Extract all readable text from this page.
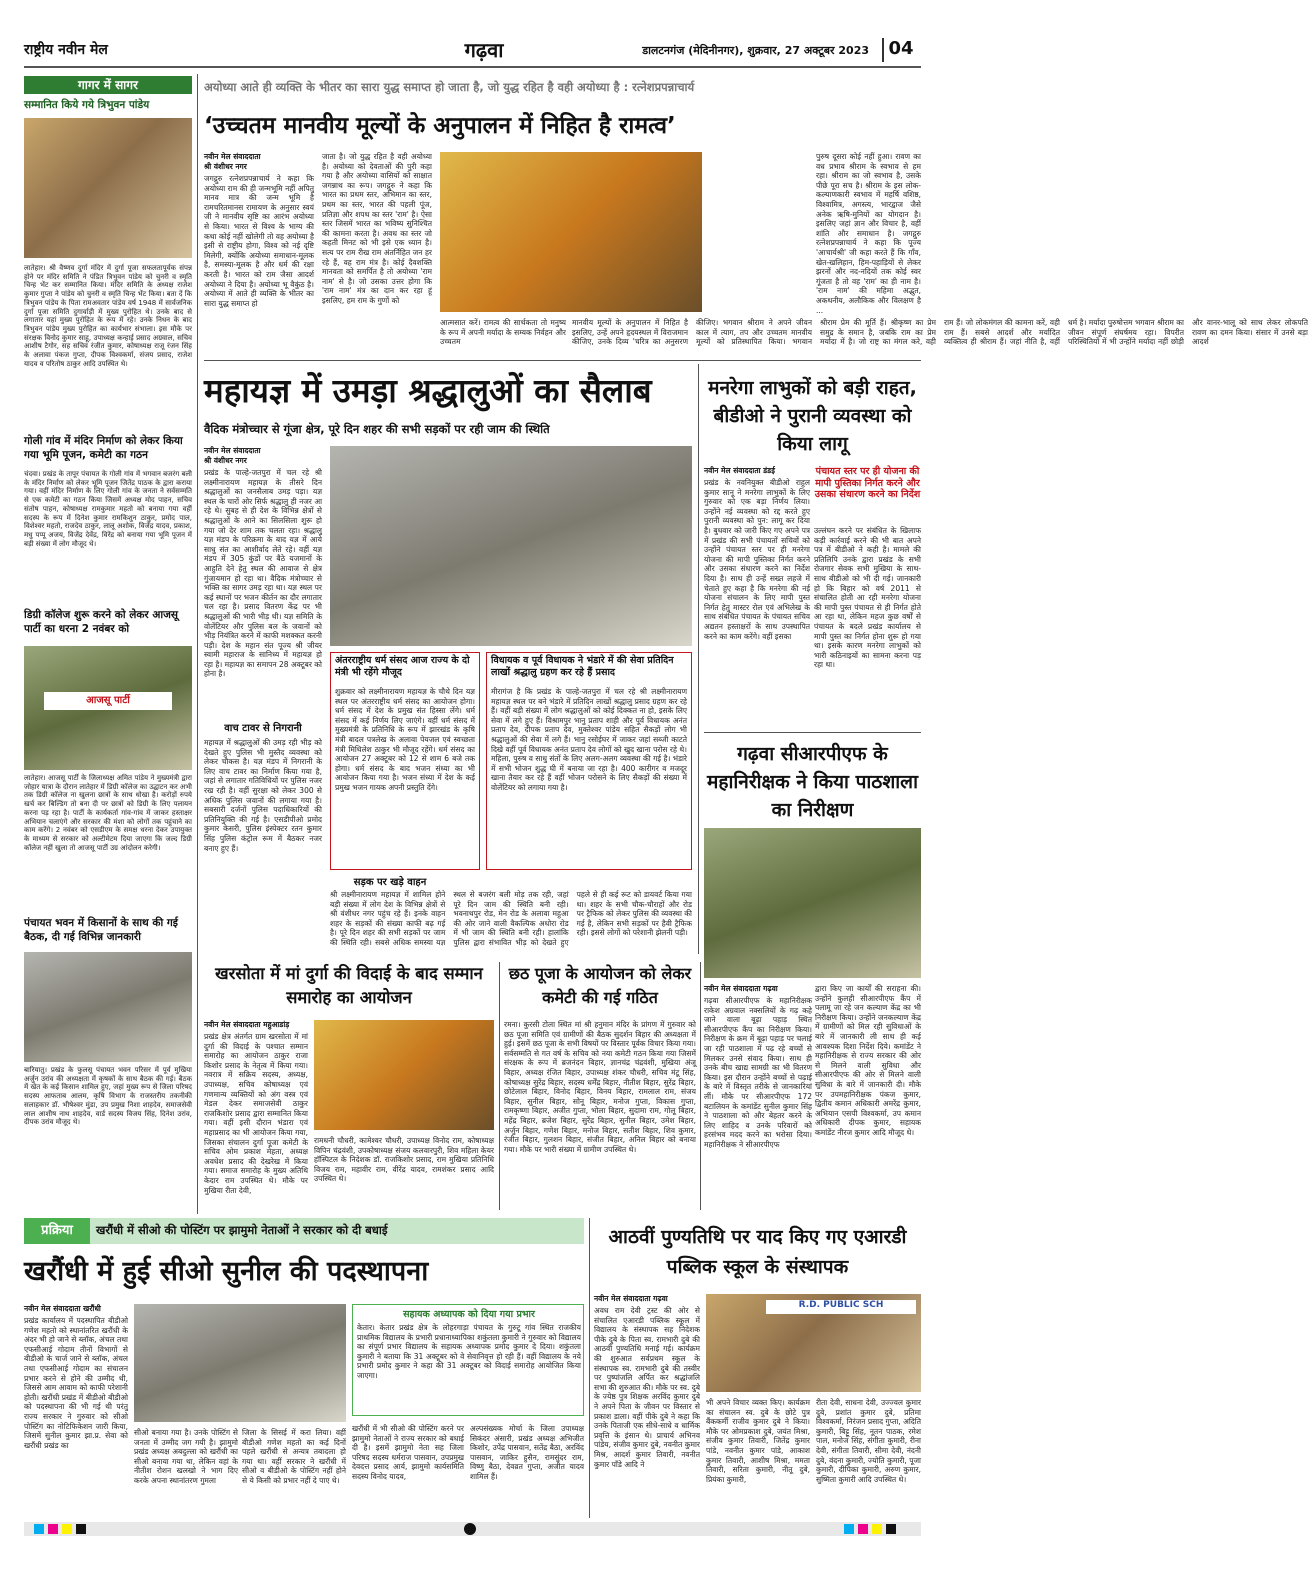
राष्ट्रीय नवीन मेल	गढ़वा	डालटनगंज (मेदिनीनगर), शुक्रवार, 27 अक्टूबर 2023	04
गागर में सागर
सम्मानित किये गये त्रिभुवन पांडेय
लातेहार। श्री वैष्णव दुर्गा मंदिर में दुर्गा पूजा सफलतापूर्वक संपन्न होने पर मंदिर समिति ने पंडित त्रिभुवन पांडेय को चुनरी व स्मृति चिन्ह भेंट कर सम्मानित किया। मंदिर समिति के अध्यक्ष राजेश कुमार गुप्ता ने पांडेय को चुनरी व स्मृति चिन्ह भेंट किया। बता दें कि त्रिभुवन पांडेय के पिता रामअवतार पांडेय वर्ष 1948 में सार्वजनिक दुर्गा पूजा समिति दुगार्वाड़ी में मुख्य पुरोहित थे। उनके बाद से लगातार यहां मुख्य पुरोहित के रूप में रहे। उनके निधन के बाद त्रिभुवन पांडेय मुख्य पुरोहित का कार्यभार संभाला। इस मौके पर संरक्षक विनोद कुमार साहू, उपाध्यक्ष कन्हाई प्रसाद अग्रवाल, सचिव आशीष टैगोर, सह सचिव रंजीत कुमार, कोषाध्यक्ष राजू रंजन सिंह के अलावा पंकज गुप्ता, दीपक विश्वकर्मा, संजय प्रसाद, राजेश यादव व परितोष ठाकुर आदि उपस्थित थे।
गोली गांव में मंदिर निर्माण को लेकर किया गया भूमि पूजन, कमेटी का गठन
चंदवा। प्रखंड के तापूर पंचायत के गोली गांव में भगवान बजरंग बली के मंदिर निर्माण को लेकर भूमि पूजन जितेंद्र पाठक के द्वारा कराया गया। वहीं मंदिर निर्माण के लिए गोली गांव के जनता ने सर्वसम्मति से एक कमेटी का गठन किया जिसमें अध्यक्ष मोद पाहन, सचिव संतोष पाहन, कोषाध्यक्ष रामकुमार महतो को बनाया गया वहीं सदस्य के रूप में दिनेश कुमार रामकिशुन ठाकुर, प्रमोद पाल, विशेश्वर महतो, राजदेव ठाकुर, लालू अशोक, विजेंद्र यादव, प्रकाश, मधु पप्पू अजय, विजेंद्र देवेंद्र, विरेंद्र को बनाया गया भूमि पूजन में बड़ी संख्या में लोग मौजूद थे।
डिग्री कॉलेज शुरू करने को लेकर आजसू पार्टी का धरना 2 नवंबर को
आजसू पार्टी
लातेहार। आजसू पार्टी के जिलाध्यक्ष अमित पांडेय ने मुख्यमंत्री द्वारा जोहार यात्रा के दौरान लातेहार में डिग्री कॉलेज का उद्घाटन कर अभी तक डिग्री कॉलेज ना खुलना छात्रों के साथ धोखा है। करोड़ों रुपये खर्च कर बिल्डिंग तो बना दी पर छात्रों को डिग्री के लिए पलायन करना पड़ रहा है। पार्टी के कार्यकर्ता गांव-गांव में जाकर हस्ताक्षर अभियान चलाएंगे और सरकार की मंशा को लोगों तक पहुंचाने का काम करेंगे। 2 नवंबर को एसडीएम के समक्ष धरना देकर उपायुक्त के माध्यम से सरकार को अल्टीमेटम दिया जाएगा कि जल्द डिग्री कॉलेज नहीं खुला तो आजसू पार्टी उग्र आंदोलन करेगी।
पंचायत भवन में किसानों के साथ की गई बैठक, दी गई विभिन्न जानकारी
बारियातु। प्रखंड के फुलसू पंचायत भवन परिसर में पूर्व मुखिया अर्जुन उरांव की अध्यक्षता में कृषकों के साथ बैठक की गई। बैठक में खेत के कई किसान शामिल हुए, जहां मुख्य रूप से जिला परिषद सदस्य आफताब आलम, कृषि विभाग के राजस्तरीय तकनीकी सलाहकार डॉ. भीषेश्वर मुंडा, उप प्रमुख निशा शाहदेव, समाजसेवी लाल आशीष नाथ शाहदेव, वार्ड सदस्य विजय सिंह, दिनेश उरांव, दीपक उरांव मौजूद थे।
अयोध्या आते ही व्यक्ति के भीतर का सारा युद्ध समाप्त हो जाता है, जो युद्ध रहित है वही अयोध्या है : रत्नेशप्रपन्नाचार्य
‘उच्चतम मानवीय मूल्यों के अनुपालन में निहित है रामत्व’
नवीन मेल संवाददाता
श्री वंशीधर नगर
जगद्गुरु रत्नेशप्रपन्नाचार्य ने कहा कि अयोध्या राम की ही जन्मभूमि नहीं अपितु मानव मात्र की जन्म भूमि है रामचरितमानस रामायण के अनुसार स्वयं जी ने मानवीय सृष्टि का आरंभ अयोध्या से किया। भारत से विश्व के भाग्य की कथा कोई नहीं खोलेगी तो वह अयोध्या है इसी से राष्ट्रीय होगा, विश्व को नई दृष्टि मिलेगी, क्योंकि अयोध्या समाधान-मूलक है, समस्या-मूलक है और धर्म की रक्षा करती है। भारत को राम जैसा आदर्श अयोध्या ने दिया है। अयोध्या भू वैकुंठ है। अयोध्या में आते ही व्यक्ति के भीतर का सारा युद्ध समाप्त हो
जाता है। जो युद्ध रहित है वही अयोध्या है। अयोध्या को देवताओं की पुरी कहा गया है और अयोध्या वासियों को साक्षात जगन्नाथ का रूप। जगद्गुरु ने कहा कि भारत का प्रथम स्तर, अभिमान का स्तर, प्रथम का स्तर, भारत की पहली पूंज, प्रतिज्ञा और शपथ का स्तर 'राम' है। ऐसा स्तर जिसमें भारत का भविष्य सुनिश्चित की कामना करता है। अवध का स्तर जो कहती मिनट को भी इसे एक ध्यान है। सत्य पर राम रीख राम अंतर्निहित जन हर रहे हैं, वह राम मंत्र है। कोई दैवशक्ति मानवता को समर्पित है तो अयोध्या 'राम नाम' से है। जो उसका उत्तर होगा कि 'राम नाम' मंत्र का दान कर रहा हूं इसलिए, हम राम के गुणों को
आत्मसात करें। रामत्व की सार्थकता तो मनुष्य के रूप में अपनी मर्यादा के सम्यक निर्वहन और उच्चतम
मानवीय मूल्यों के अनुपालन में निहित है इसलिए, उन्हें अपने हृदयस्थल में विराजमान कीजिए, उनके दिव्य 'चरित्र का अनुसरण कीजिए। भगवान श्रीराम ने अपने जीवन काल में त्याग, तप और उच्चतम मानवीय मूल्यों को प्रतिस्थापित किया। भगवान श्रीराम प्रेम की मूर्ति हैं। श्रीकृष्ण का प्रेम समुद्र के समान है, जबकि राम का प्रेम मर्यादा में है। जो राष्ट्र का मंगल करे, वही राम हैं। जो लोकमंगल की कामना करें, वही राम हैं। सबसे आदर्श और मर्यादित व्यक्तित्व ही श्रीराम हैं। जहां नीति है, वहीं धर्म है। मर्यादा पुरुषोत्तम भगवान श्रीराम का जीवन संपूर्ण संघर्षमय रहा। विपरीत परिस्थितियों में भी उन्होंने मर्यादा नहीं छोड़ी और वानर-भालू को साथ लेकर लोकपति रावण का दमन किया। संसार में उनसे बड़ा आदर्श
पुरुष दूसरा कोई नहीं हुआ। रावण का वध प्रभाव श्रीराम के स्वभाव से हम रहा। श्रीराम का जो स्वभाव है, उसके पीछे पूरा सच है। श्रीराम के इस लोक-कल्याणकारी स्वभाव में महर्षि वशिष्ठ, विश्वामित्र, अगस्त्य, भारद्वाज जैसे अनेक ऋषि-मुनियों का योगदान है। इसलिए जहां ज्ञान और विचार है, वहीं शांति और समाधान है। जगद्गुरु रत्नेशप्रपन्नाचार्य ने कहा कि पूज्य 'आचार्यश्री' जी कहा करते हैं कि गाँव, खेत-खलिहान, हिम-पहाड़ियों से लेकर झरनों और नद-नदियों तक कोई स्वर गूंजता है तो वह 'राम' का ही नाम है। 'राम नाम' की महिमा अद्भुत, अकथनीय, अलौकिक और विलक्षण है ...
महायज्ञ में उमड़ा श्रद्धालुओं का सैलाब
वैदिक मंत्रोच्चार से गूंजा क्षेत्र, पूरे दिन शहर की सभी सड़कों पर रही जाम की स्थिति
नवीन मेल संवाददाता
श्री वंशीधर नगर
प्रखंड के पाल्हे-जतपुरा में चल रहे श्री लक्ष्मीनारायण महायज्ञ के तीसरे दिन श्रद्धालुओं का जनसैलाब उमड़ पड़ा। यज्ञ स्थल के चारों ओर सिर्फ श्रद्धालु ही नजर आ रहे थे। सुबह से ही देश के विभिन्न क्षेत्रों से श्रद्धालुओं के आने का सिलसिला शुरू हो गया जो देर शाम तक चलता रहा। श्रद्धालु यज्ञ मंडप के परिक्रमा के बाद यज्ञ में आये साधु संत का आशीर्वाद लेते रहे। वहीं यज्ञ मंडप में 305 कुंडों पर बैठे यजमानों के आहुति देने हेतु स्थल की आवाज से क्षेत्र गुंजायमान हो रहा था। वैदिक मंत्रोच्चार से भक्ति का सागर उमड़ रहा था। यज्ञ स्थल पर कई स्थानों पर भजन कीर्तन का दौर लगातार चल रहा है। प्रसाद वितरण केंद्र पर भी श्रद्धालुओं की भारी भीड़ थी। यज्ञ समिति के वोलेंटियर और पुलिस बल के जवानों को भीड़ नियंत्रित करने में काफी मशक्कत करनी पड़ी। देश के महान संत पूज्य श्री जीयर स्वामी महाराज के सानिध्य में महायज्ञ हो रहा है। महायज्ञ का समापन 28 अक्टूबर को होना है।
वाच टावर से निगरानी
महायज्ञ में श्रद्धालुओं की उमड़ रही भीड़ को देखते हुए पुलिस भी मुस्तैद व्यवस्था को लेकर चौकस है। यज्ञ मंडप में निगरानी के लिए वाच टावर का निर्माण किया गया है, जहां से लगातार गतिविधियों पर पुलिस नजर रख रही है। वहीं सुरक्षा को लेकर 300 से अधिक पुलिस जवानों की लगाया गया है। सबसारी दर्जनों पुलिस पदाधिकारियों की प्रतिनियुक्ति की गई है। एसडीपीओ प्रमोद कुमार केसरी, पुलिस इंस्पेक्टर रतन कुमार सिंह पुलिस कंट्रोल रूम में बैठकर नजर बनाए हुए हैं।
अंतरराष्ट्रीय धर्म संसद आज राज्य के दो मंत्री भी रहेंगे मौजूद
शुक्रवार को लक्ष्मीनारायण महायज्ञ के चौथे दिन यज्ञ स्थल पर अंतरराष्ट्रीय धर्म संसद का आयोजन होगा। धर्म संसद में देश के प्रमुख संत हिस्सा लेंगे। धर्म संसद में कई निर्णय लिए जाएंगे। वहीं धर्म संसद में मुख्यमंत्री के प्रतिनिधि के रूप में झारखंड के कृषि मंत्री बादल पत्रलेख के अलावा पेयजल एवं स्वच्छता मंत्री मिथिलेश ठाकुर भी मौजूद रहेंगे। धर्म संसद का आयोजन 27 अक्टूबर को 12 से शाम 6 बजे तक होगा। धर्म संसद के बाद भजन संध्या का भी आयोजन किया गया है। भजन संध्या में देश के कई प्रमुख भजन गायक अपनी प्रस्तुति देंगे।
विधायक व पूर्व विधायक ने भंडारे में की सेवा प्रतिदिन लाखों श्रद्धालु ग्रहण कर रहे हैं प्रसाद
मीरागंज है कि प्रखंड के पाल्हे-जतपुरा में चल रहे श्री लक्ष्मीनारायण महायज्ञ स्थल पर बने भंडारे में प्रतिदिन लाखों श्रद्धालु प्रसाद ग्रहण कर रहे हैं। वहीं बड़ी संख्या में लोग श्रद्धालुओं को कोई दिक्कत ना हो, इसके लिए सेवा में लगे हुए हैं। विश्रामपुर भानु प्रताप शाही और पूर्व विधायक अनंत प्रताप देव, दीपक प्रताप देव, मुक्तेश्वर पांडेय सहित सैकड़ों लोग भी श्रद्धालुओं की सेवा में लगे हैं। भानु रसोईघर में जाकर जहां सब्जी काटते दिखे वहीं पूर्व विधायक अनंत प्रताप देव लोगों को खुद खाना परोस रहे थे। महिला, पुरुष व साधु संतों के लिए अलग-अलग व्यवस्था की गई है। भंडारे में सभी भोजन शुद्ध घी में बनाया जा रहा है। 400 कारीगर व मजदूर खाना तैयार कर रहे हैं वहीं भोजन परोसने के लिए सैकड़ों की संख्या में वोलेंटियर को लगाया गया है।
सड़क पर खड़े वाहन
श्री लक्ष्मीनारायण महायज्ञ में शामिल होने बड़ी संख्या में लोग देश के विभिन्न क्षेत्रों से श्री वंशीधर नगर पहुंच रहे हैं। इनके वाहन शहर के सड़कों की संख्या काफी बढ़ गई है। पूरे दिन शहर की सभी सड़कों पर जाम की स्थिति रही। सबसे अधिक समस्या यज्ञ स्थल से बजरंग बली मोड़ तक रही, जहां पूरे दिन जाम की स्थिति बनी रही। भवनाथपुर रोड, मेन रोड के अलावा महुआ की ओर जाने वाली वैकल्पिक अधोरा रोड में भी जाम की स्थिति बनी रही। हालांकि पुलिस द्वारा संभावित भीड़ को देखते हुए पहले से ही कई रूट को डायवर्ट किया गया था। शहर के सभी चौक-चौराहों और रोड पर ट्रैफिक को लेकर पुलिस की व्यवस्था की गई है, लेकिन सभी सड़कों पर हैवी ट्रैफिक रही। इससे लोगों को परेशानी झेलनी पड़ी।
मनरेगा लाभुकों को बड़ी राहत, बीडीओ ने पुरानी व्यवस्था को किया लागू
नवीन मेल संवाददाता डंडई
प्रखंड के नवनियुक्त बीडीओ राहुल कुमार सानू ने मनरेगा लाभुकों के लिए गुरुवार को एक बड़ा निर्णय लिया। उन्होंने नई व्यवस्था को रद्द करते हुए पुरानी व्यवस्था को पुन: लागू कर दिया है। बुधवार को जारी किए गए अपने पत्र में प्रखंड की सभी पंचायतों सचिवों को उन्होंने पंचायत स्तर पर ही मनरेगा योजना की मापी पुस्तिका निर्गत करने और उसका संधारण करने का निर्देश दिया है। साथ ही उन्हें सख्त लहजे में चेताते हुए कहा है कि मनरेगा की नई योजना संचालन के लिए मापी पुस्त निर्गत हेतु मास्टर रोल एवं अभिलेख के साथ संबंधित पंचायत के पंचायत सचिव अद्यतन हस्ताक्षरों के साथ उपस्थापित करने का काम करेंगे। वहीं इसका
पंचायत स्तर पर ही योजना की मापी पुस्तिका निर्गत करने और उसका संधारण करने का निर्देश
उल्लंघन करने पर संबंधित के खिलाफ कड़ी कार्रवाई करने की भी बात अपने पत्र में बीडीओ ने कही है। मामले की प्रतिलिपि उनके द्वारा प्रखंड के सभी रोजगार सेवक सभी मुखिया के साथ-साथ बीडीओ को भी दी गई। जानकारी हो कि बिहार को वर्ष 2011 से संचालित होती आ रही मनरेगा योजना की मापी पुस्त पंचायत से ही निर्गत होते आ रहा था, लेकिन महज कुछ वर्षों से पंचायत के बदले प्रखंड कार्यालय से मापी पुस्त का निर्गत होना शुरू हो गया था। इसके कारण मनरेगा लाभुकों को भारी कठिनाइयों का सामना करना पड़ रहा था।
गढ़वा सीआरपीएफ के महानिरीक्षक ने किया पाठशाला का निरीक्षण
नवीन मेल संवाददाता गढ़वा
गढ़वा सीआरपीएफ के महानिरीक्षक राकेश अग्रवाल नक्सलियों के गढ़ कहे जाने वाला बूढ़ा पहाड़ स्थित सीआरपीएफ कैंप का निरीक्षण किया। निरीक्षण के क्रम में बूढ़ा पहाड़ पर चलाई जा रही पाठशाला में पढ़ रहे बच्चों से मिलकर उनसे संवाद किया। साथ ही उनके बीच खाद्य सामग्री का भी वितरण किया। इस दौरान उन्होंने बच्चों से पढ़ाई के बारे में विस्तृत तरीके से जानकारियां लीं। मौके पर सीआरपीएफ 172 बटालियन के कमांडेंट सुनील कुमार सिंह ने पाठशाला को और बेहतर करने के लिए शाहिद व उनके परिवारों को हरसंभव मदद करने का भरोसा दिया। महानिरीक्षक ने सीआरपीएफ
द्वारा किए जा कार्यों की सराहना की। उन्होंने कुलही सीआरपीएफ कैंप में पलामू जा रहे जन कल्याण केंद्र का भी निरीक्षण किया। उन्होंने जनकल्याण केंद्र में ग्रामीणों को मिल रही सुविधाओं के बारे में जानकारी ली साथ ही कई आवश्यक दिशा निर्देश दिये। कमांडेंट ने महानिरीक्षक से राज्य सरकार की ओर से मिलने वाली सुविधा और सीआरपीएफ की ओर से मिलने वाली सुविधा के बारे में जानकारी दी। मौके पर उपमहानिरीक्षक पंकज कुमार, द्वितीय कमान अधिकारी अमरेंद्र कुमार, अभियान एसपी विश्वकर्मा, उप कमान अधिकारी दीपक कुमार, सहायक कमांडेंट नीरज कुमार आदि मौजूद थे।
खरसोता में मां दुर्गा की विदाई के बाद सम्मान समारोह का आयोजन
नवीन मेल संवाददाता महुआडांड़
प्रखंड क्षेत्र अंतर्गत ग्राम खरसोता में मां दुर्गा की विदाई के पश्चात सम्मान समारोह का आयोजन ठाकुर राजा किशोर प्रसाद के नेतृत्व में किया गया। नवरात्र में सक्रिय सदस्य, अध्यक्ष, उपाध्यक्ष, सचिव कोषाध्यक्ष एवं गणमान्य व्यक्तियों को अंग वस्त्र एवं मेडल देकर समाजसेवी ठाकुर राजकिशोर प्रसाद द्वारा सम्मानित किया गया। वहीं इसी दौरान भंडारा एवं महाप्रसाद का भी आयोजन किया गया, जिसका संचालन दुर्गा पूजा कमेटी के सचिव ओम प्रकाश मेहता, अध्यक्ष अवधेश प्रसाद की देखरेख में किया गया। समाज समारोह के मुख्य अतिथि केदार राम उपस्थित थे। मौके पर मुखिया रीता देवी,
रामधनी चौधरी, कामेश्वर चौधरी, उपाध्यक्ष विनोद राम, कोषाध्यक्ष विपिन चंद्रवंशी, उपकोषाध्यक्ष संजय कलवारपुरी, शिव महिला केयर हॉस्पिटल के निदेशक डॉ. राजकिशोर प्रसाद, राम मुखिया प्रतिनिधि विजय राम, महावीर राम, वीरेंद्र यादव, रामशंकर प्रसाद आदि उपस्थित थे।
छठ पूजा के आयोजन को लेकर कमेटी की गई गठित
रमना। कुरसी टोला स्थित मां श्री हनुमान मंदिर के प्रांगण में गुरुवार को छठ पूजा समिति एवं ग्रामीणों की बैठक सुदर्शन बिहार की अध्यक्षता में हुई। इसमें छठ पूजा के सभी विषयों पर विस्तार पूर्वक विचार किया गया। सर्वसम्मति से गत वर्ष के सचिव को नया कमेटी गठन किया गया जिसमें संरक्षक के रूप में ब्रजनंदन बिहार, ज्ञानचंद्र चंद्रवंशी, मुखिया अंजू बिहार, अध्यक्ष रंजित बिहार, उपाध्यक्ष शंकर चौधरी, सचिव मंटू सिंह, कोषाध्यक्ष सुरेंद्र बिहार, सदस्य धर्मेंद्र बिहार, नीतीश बिहार, सुरेंद्र बिहार, छोटेलाल बिहार, विनोद बिहार, विनय बिहार, रामलाल राम, संजय बिहार, सुनील बिहार, सोनू बिहार, मनोज गुप्ता, विकास गुप्ता, रामकृष्णा बिहार, अजीत गुप्ता, भोला बिहार, सुदामा राम, गोलू बिहार, महेंद्र बिहार, ब्रजेश बिहार, सुरेंद्र बिहार, सुनील बिहार, उमेश बिहार, अर्जुन बिहार, गणेश बिहार, मनोज बिहार, सतीश बिहार, शिव कुमार, रंजीत बिहार, गुलशन बिहार, संजीत बिहार, अनिल बिहार को बनाया गया। मौके पर भारी संख्या में ग्रामीण उपस्थित थे।
प्रक्रिया	खरौंधी में सीओ की पोस्टिंग पर झामुमो नेताओं ने सरकार को दी बधाई
खरौंधी में हुई सीओ सुनील की पदस्थापना
नवीन मेल संवाददाता खरौंधी
प्रखंड कार्यालय में पदस्थापित बीडीओ गणेश महतो को स्थानांतरित खरौंधी के अंदर भी हो जाने से ब्लॉक, अंचल तथा एफसीआई गोदाम तीनों विभागों से बीडीओ के चार्ज जाने से ब्लॉक, अंचल तथा एफसीआई गोदाम का संचालन प्रभार करने से होने की उम्मीद थी, जिससे आम आवाम को काफी परेशानी होती। खरौंधी प्रखंड में बीडीओ बीडीओ को पदस्थापना की भी गई थी परंतु राज्य सरकार ने गुरुवार को सीओ पोस्टिंग का नोटिफिकेशन जारी किया, जिसमें सुनील कुमार झा.प्र. सेवा को खरौंधी प्रखंड का
सीओ बनाया गया है। उनके पोस्टिंग से जनता में उम्मीद जग गयी है। झामुमो प्रखंड अध्यक्ष अबदुल्ला को खरौंधी का सीओ बनाया गया था, लेकिन वहां के नीतीश रोशन खलखो ने भाग दिए करके अपना स्थानांतरण गुमला
जिला के सिसई में करा लिया। वहीं बीडीओ गणेश महतो का कई दिनों पहले खरौंधी से अन्यत्र तबादला हो गया था। वहीं सरकार ने खरौंधी में सीओ व बीडीओ के पोस्टिंग नहीं होने से ये किसी को प्रभार नहीं दे पाए थे।
सहायक अध्यापक को दिया गया प्रभार
केतार। केतार प्रखंड क्षेत्र के लोहरगाड़ा पंचायत के गुरुटू गांव स्थित राजकीय प्राथमिक विद्यालय के प्रभारी प्रधानाध्यापिका शकुंतला कुमारी ने गुरुवार को विद्यालय का संपूर्ण प्रभार विद्यालय के सहायक अध्यापक प्रमोद कुमार दे दिया। शकुंतला कुमारी ने बताया कि 31 अक्टूबर को वे सेवानिवृत्त हो रही हैं। वहीं विद्यालय के नये प्रभारी प्रमोद कुमार ने कहा की 31 अक्टूबर को विदाई समारोह आयोजित किया जाएगा।
खरौंधी में भी सीओ की पोस्टिंग करने पर झामुमो नेताओं ने राज्य सरकार को बधाई दी है। इसमें झामुमो नेता सह जिला परिषद सदस्य धर्मराज पासवान, उपप्रमुख देवदत्त प्रसाद आर्य, झामुमो कार्यसमिति सदस्य विनोद यादव,
अल्पसंख्यक मोर्चा के जिला उपाध्यक्ष सिकंदर अंसारी, प्रखंड अध्यक्ष अभिजीत किशोर, उपेंद्र पासवान, सतेंद्र बैठा, अरविंद पासवान, जाकिर हुसैन, रामसुंदर राम, विष्णु बैठा, देवव्रत गुप्ता, अजीत यादव शामिल हैं।
आठवीं पुण्यतिथि पर याद किए गए एआरडी पब्लिक स्कूल के संस्थापक
नवीन मेल संवाददाता गढ़वा
अवध राम देवी ट्रस्ट की ओर से संचालित एआरडी पब्लिक स्कूल में विद्यालय के संस्थापक सह निदेशक पीके दुबे के पिता स्व. रामभारी दुबे की आठवीं पुण्यतिथि मनाई गई। कार्यक्रम की शुरुआत सर्वप्रथम स्कूल के संस्थापक स्व. रामभारी दुबे की तस्वीर पर पुष्पांजलि अर्पित कर श्रद्धांजलि सभा की शुरुआत की। मौके पर स्व. दुबे के ज्येष्ठ पुत्र शिक्षक अरविंद कुमार दुबे ने अपने पिता के जीवन पर विस्तार से प्रकाश डाला। वहीं पीके दुबे ने कहा कि उनके पिताजी एक सीधे-साधे व धार्मिक प्रवृत्ति के इंसान थे। प्राचार्य अभिनव पांडेय, संजीव कुमार दुबे, नवनीत कुमार मिश्र, आदर्श कुमार तिवारी, नवनीत कुमार पाँडे आदि ने
R.D. PUBLIC SCH
भी अपने विचार व्यक्त किए। कार्यक्रम का संचालन स्व. दुबे के छोटे पुत्र बैंककर्मी राजीव कुमार दुबे ने किया। मौके पर ओमप्रकाश दुबे, जयंत मिश्रा, संजीव कुमार तिवारी, जितेंद्र कुमार पांडे, नवनीत कुमार पांडे, आकाश कुमार तिवारी, आशीष मिश्रा, ममता तिवारी, सरिता कुमारी, नीतू दुबे, प्रियंका कुमारी,
रीता देवी, साधना देवी, उज्ज्वल कुमार दुबे, प्रशांत कुमार दुबे, प्रतिमा विश्वकर्मा, निरंजन प्रसाद गुप्ता, अदिति कुमारी, बिट्टू सिंह, नूतन पाठक, रमेश पाल, मनोज सिंह, संगीता कुमारी, रीना देवी, संगीता तिवारी, सीमा देवी, नंदनी दुबे, वंदना कुमारी, ज्योति कुमारी, पूजा कुमारी, दीपिका कुमारी, अरुण कुमार, सुष्मिता कुमारी आदि उपस्थित थे।
